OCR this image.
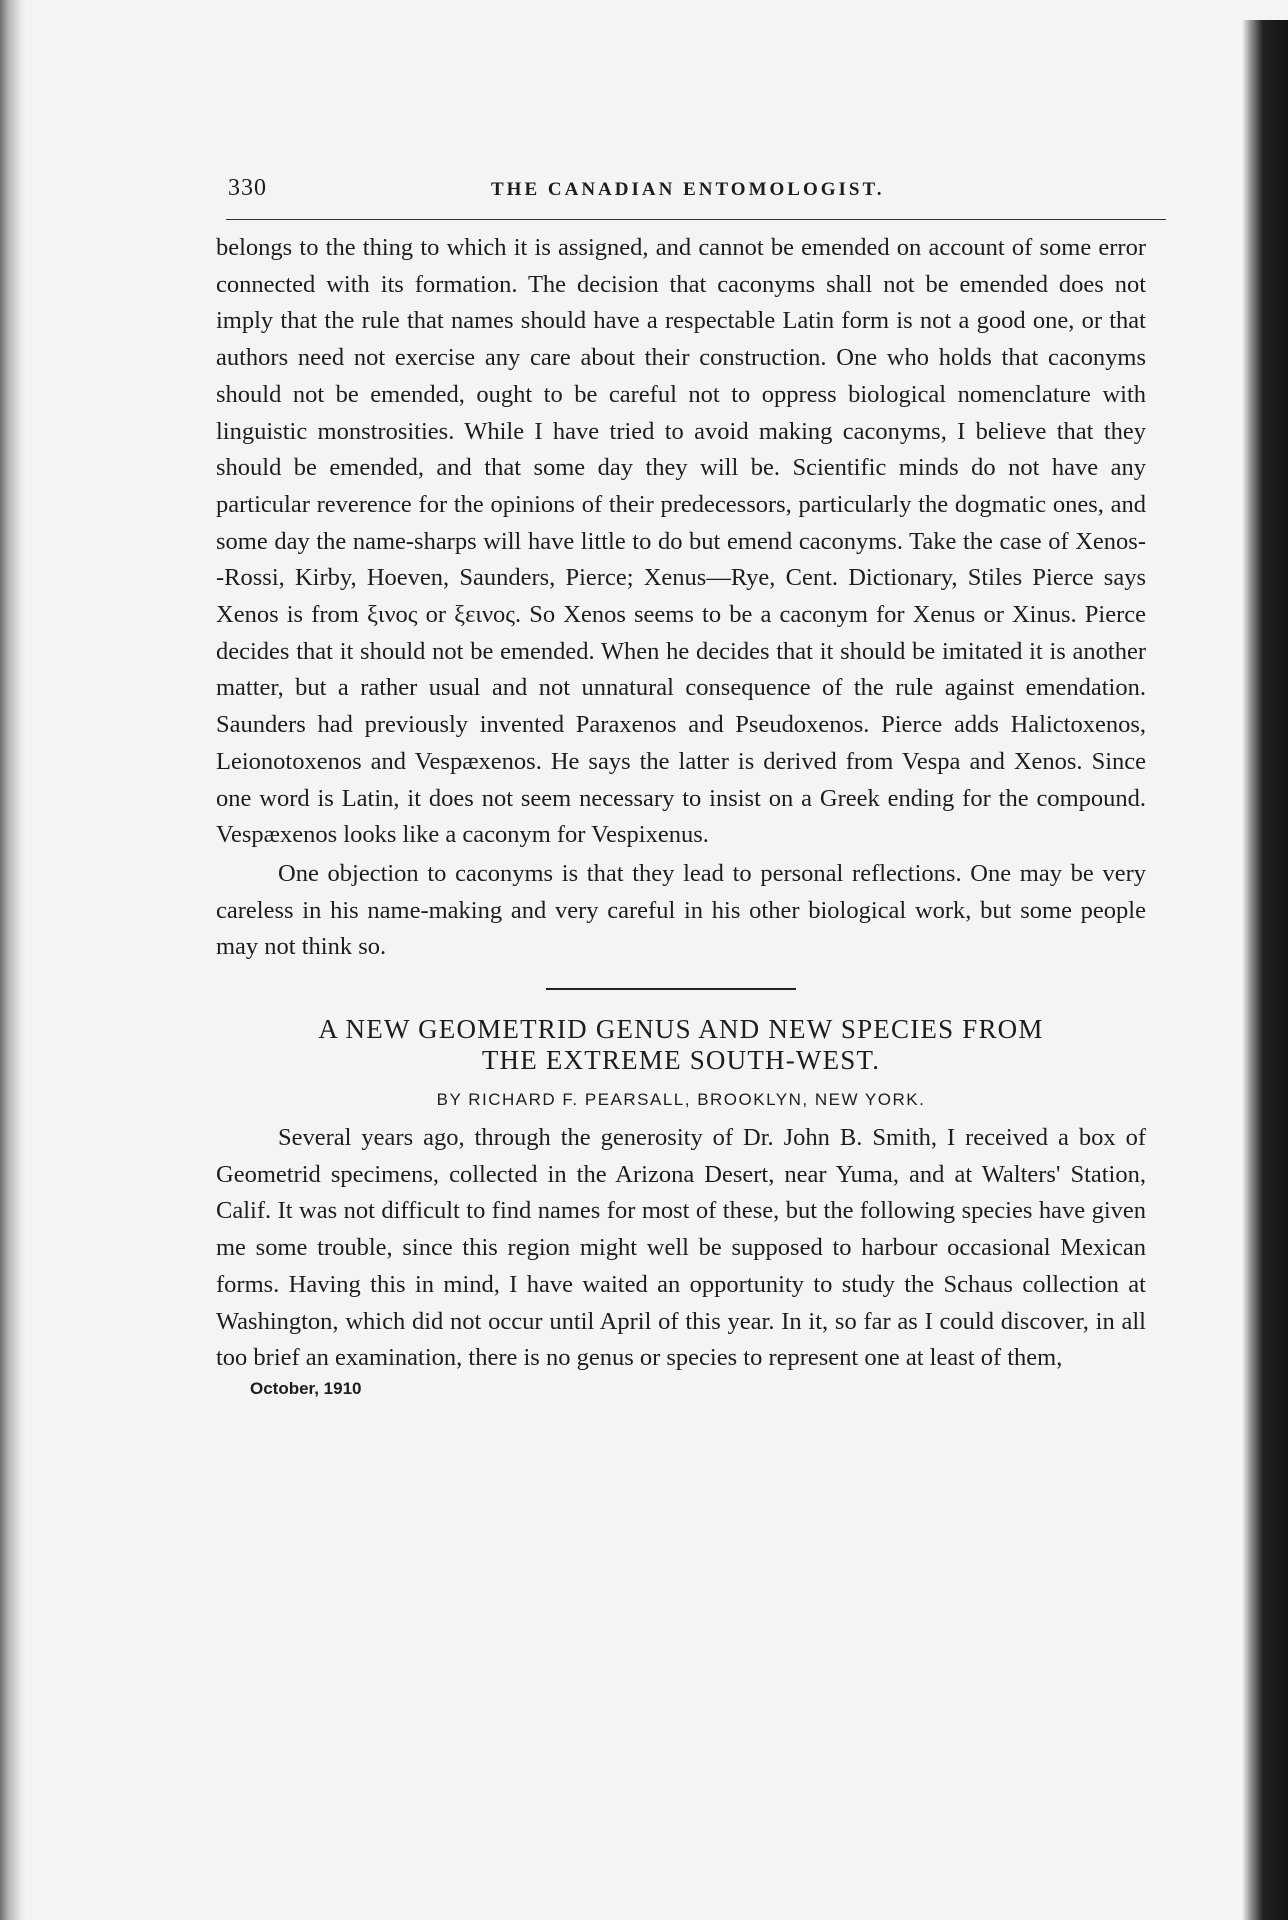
330	THE CANADIAN ENTOMOLOGIST.

belongs to the thing to which it is assigned, and cannot be emended on account of some error connected with its formation. The decision that caconyms shall not be emended does not imply that the rule that names should have a respectable Latin form is not a good one, or that authors need not exercise any care about their construction. One who holds that caconyms should not be emended, ought to be careful not to oppress biological nomenclature with linguistic monstrosities. While I have tried to avoid making caconyms, I believe that they should be emended, and that some day they will be. Scientific minds do not have any particular reverence for the opinions of their predecessors, particularly the dogmatic ones, and some day the name-sharps will have little to do but emend caconyms. Take the case of Xenos--Rossi, Kirby, Hoeven, Saunders, Pierce; Xenus—Rye, Cent. Dictionary, Stiles Pierce says Xenos is from ξινος or ξεινος. So Xenos seems to be a caconym for Xenus or Xinus. Pierce decides that it should not be emended. When he decides that it should be imitated it is another matter, but a rather usual and not unnatural consequence of the rule against emendation. Saunders had previously invented Paraxenos and Pseudoxenos. Pierce adds Halictoxenos, Leionotoxenos and Vespæxenos. He says the latter is derived from Vespa and Xenos. Since one word is Latin, it does not seem necessary to insist on a Greek ending for the compound. Vespæxenos looks like a caconym for Vespixenus.

One objection to caconyms is that they lead to personal reflections. One may be very careless in his name-making and very careful in his other biological work, but some people may not think so.

A NEW GEOMETRID GENUS AND NEW SPECIES FROM
THE EXTREME SOUTH-WEST.
BY RICHARD F. PEARSALL, BROOKLYN, NEW YORK.

Several years ago, through the generosity of Dr. John B. Smith, I received a box of Geometrid specimens, collected in the Arizona Desert, near Yuma, and at Walters' Station, Calif. It was not difficult to find names for most of these, but the following species have given me some trouble, since this region might well be supposed to harbour occasional Mexican forms. Having this in mind, I have waited an opportunity to study the Schaus collection at Washington, which did not occur until April of this year. In it, so far as I could discover, in all too brief an examination, there is no genus or species to represent one at least of them,

October, 1910
